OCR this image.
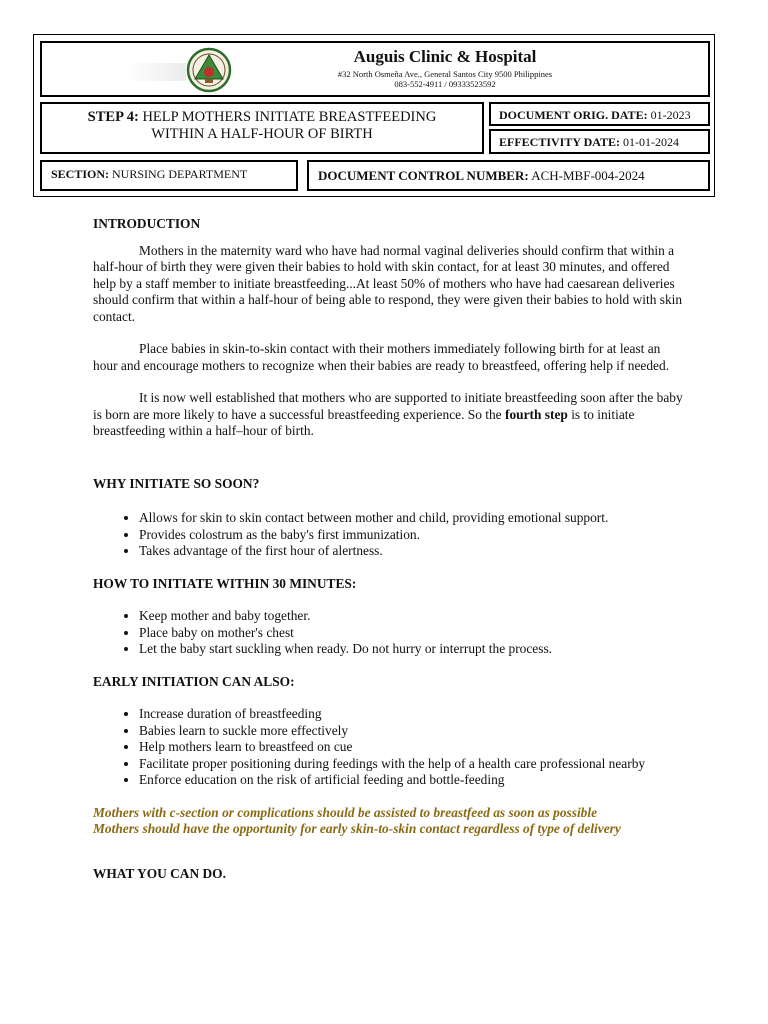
Auguis Clinic & Hospital
#32 North Osmeña Ave., General Santos City 9500 Philippines
083-552-4911 / 09333523592
STEP 4: HELP MOTHERS INITIATE BREASTFEEDING
WITHIN A HALF-HOUR OF BIRTH
DOCUMENT ORIG. DATE: 01-2023
EFFECTIVITY DATE: 01-01-2024
SECTION: NURSING DEPARTMENT	DOCUMENT CONTROL NUMBER: ACH-MBF-004-2024

INTRODUCTION

Mothers in the maternity ward who have had normal vaginal deliveries should confirm that within a half-hour of birth they were given their babies to hold with skin contact, for at least 30 minutes, and offered help by a staff member to initiate breastfeeding...At least 50% of mothers who have had caesarean deliveries should confirm that within a half-hour of being able to respond, they were given their babies to hold with skin contact.

Place babies in skin-to-skin contact with their mothers immediately following birth for at least an hour and encourage mothers to recognize when their babies are ready to breastfeed, offering help if needed.

It is now well established that mothers who are supported to initiate breastfeeding soon after the baby is born are more likely to have a successful breastfeeding experience. So the fourth step is to initiate breastfeeding within a half–hour of birth.

WHY INITIATE SO SOON?

• Allows for skin to skin contact between mother and child, providing emotional support.
• Provides colostrum as the baby's first immunization.
• Takes advantage of the first hour of alertness.

HOW TO INITIATE WITHIN 30 MINUTES:

• Keep mother and baby together.
• Place baby on mother's chest
• Let the baby start suckling when ready. Do not hurry or interrupt the process.

EARLY INITIATION CAN ALSO:

• Increase duration of breastfeeding
• Babies learn to suckle more effectively
• Help mothers learn to breastfeed on cue
• Facilitate proper positioning during feedings with the help of a health care professional nearby
• Enforce education on the risk of artificial feeding and bottle-feeding

Mothers with c-section or complications should be assisted to breastfeed as soon as possible

Mothers should have the opportunity for early skin-to-skin contact regardless of type of delivery

WHAT YOU CAN DO.
